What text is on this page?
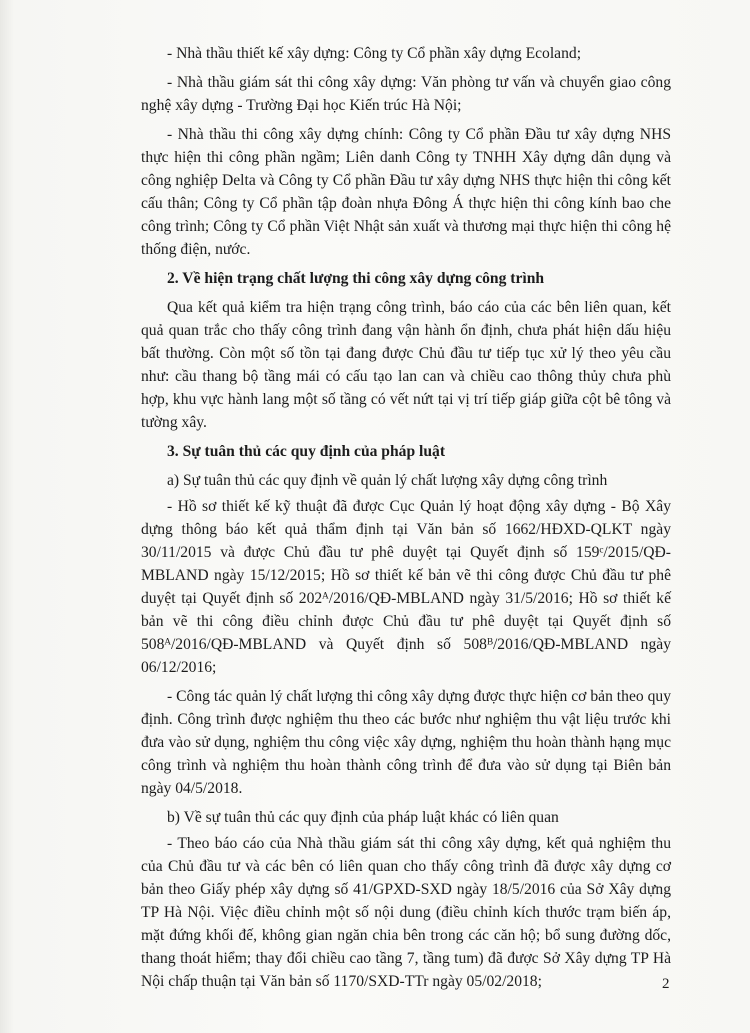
- Nhà thầu thiết kế xây dựng: Công ty Cổ phần xây dựng Ecoland;

- Nhà thầu giám sát thi công xây dựng: Văn phòng tư vấn và chuyển giao công nghệ xây dựng - Trường Đại học Kiến trúc Hà Nội;

- Nhà thầu thi công xây dựng chính: Công ty Cổ phần Đầu tư xây dựng NHS thực hiện thi công phần ngầm; Liên danh Công ty TNHH Xây dựng dân dụng và công nghiệp Delta và Công ty Cổ phần Đầu tư xây dựng NHS thực hiện thi công kết cấu thân; Công ty Cổ phần tập đoàn nhựa Đông Á thực hiện thi công kính bao che công trình; Công ty Cổ phần Việt Nhật sản xuất và thương mại thực hiện thi công hệ thống điện, nước.

2. Về hiện trạng chất lượng thi công xây dựng công trình

Qua kết quả kiểm tra hiện trạng công trình, báo cáo của các bên liên quan, kết quả quan trắc cho thấy công trình đang vận hành ổn định, chưa phát hiện dấu hiệu bất thường. Còn một số tồn tại đang được Chủ đầu tư tiếp tục xử lý theo yêu cầu như: cầu thang bộ tầng mái có cấu tạo lan can và chiều cao thông thủy chưa phù hợp, khu vực hành lang một số tầng có vết nứt tại vị trí tiếp giáp giữa cột bê tông và tường xây.

3. Sự tuân thủ các quy định của pháp luật

a) Sự tuân thủ các quy định về quản lý chất lượng xây dựng công trình

- Hồ sơ thiết kế kỹ thuật đã được Cục Quản lý hoạt động xây dựng - Bộ Xây dựng thông báo kết quả thẩm định tại Văn bản số 1662/HĐXD-QLKT ngày 30/11/2015 và được Chủ đầu tư phê duyệt tại Quyết định số 159ᶜ/2015/QĐ-MBLAND ngày 15/12/2015; Hồ sơ thiết kế bản vẽ thi công được Chủ đầu tư phê duyệt tại Quyết định số 202ᴬ/2016/QĐ-MBLAND ngày 31/5/2016; Hồ sơ thiết kế bản vẽ thi công điều chỉnh được Chủ đầu tư phê duyệt tại Quyết định số 508ᴬ/2016/QĐ-MBLAND và Quyết định số 508ᴮ/2016/QĐ-MBLAND ngày 06/12/2016;

- Công tác quản lý chất lượng thi công xây dựng được thực hiện cơ bản theo quy định. Công trình được nghiệm thu theo các bước như nghiệm thu vật liệu trước khi đưa vào sử dụng, nghiệm thu công việc xây dựng, nghiệm thu hoàn thành hạng mục công trình và nghiệm thu hoàn thành công trình để đưa vào sử dụng tại Biên bản ngày 04/5/2018.

b) Về sự tuân thủ các quy định của pháp luật khác có liên quan

- Theo báo cáo của Nhà thầu giám sát thi công xây dựng, kết quả nghiệm thu của Chủ đầu tư và các bên có liên quan cho thấy công trình đã được xây dựng cơ bản theo Giấy phép xây dựng số 41/GPXD-SXD ngày 18/5/2016 của Sở Xây dựng TP Hà Nội. Việc điều chỉnh một số nội dung (điều chỉnh kích thước trạm biến áp, mặt đứng khối đế, không gian ngăn chia bên trong các căn hộ; bổ sung đường dốc, thang thoát hiểm; thay đổi chiều cao tầng 7, tầng tum) đã được Sở Xây dựng TP Hà Nội chấp thuận tại Văn bản số 1170/SXD-TTr ngày 05/02/2018;	2
